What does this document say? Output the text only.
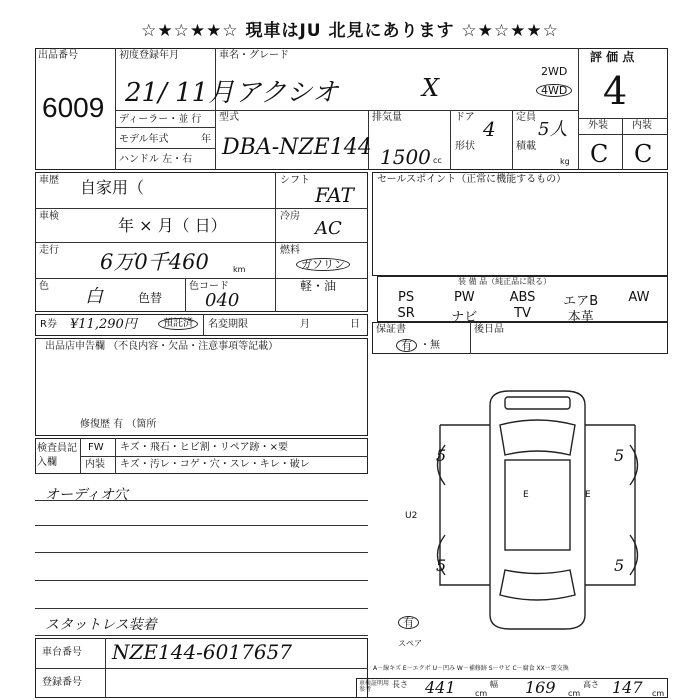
☆★☆★★☆ 現車はJU 北見にあります ☆★☆★★☆
出品番号
6009
初度登録年月
21/ 11月
車名・グレード
アクシオ	X
2WD
4WD
ディーラー・並 行
モデル年式	年
ハンドル 左・右
型式
DBA-NZE144
排気量
1500 cc
ドア 4
形状
定員
5人
積載
kg
評 価 点
4
外装 内装
C C
車歴 自家用（
車検	年 × 月（ 日）
走行 6万0千460	km
色 白	色替
色コード
040
シフト
FAT
冷房
AC
燃料
ガソリン
軽・油
セールスポイント（正常に機能するもの）
装 備 品（純正品に限る）
PS	PW	ABS	エアB	AW
SR	ナビ	TV	本革
R券 ¥11,290円	預託済	名変期限	月	日 保証書
有 ・無
後日品
出品店申告欄 （不良内容・欠品・注意事項等記載）
修復歴 有 （箇所
検査員記入欄
FW キズ・飛石・ヒビ割・リペア跡・×要
内装 キズ・汚レ・コゲ・穴・スレ・キレ・破レ
オーディオ穴
スタットレス装着
5	5
5	5
E	E
U2
有
スペア
A－線キズ E－エクボ U－凹み W－補修跡 S－サビ C－腐食 XX－要交換
車台番号 NZE144-6017657
登録番号	車検証明用参考
長さ 441 cm
幅 169 cm
高さ 147 cm
